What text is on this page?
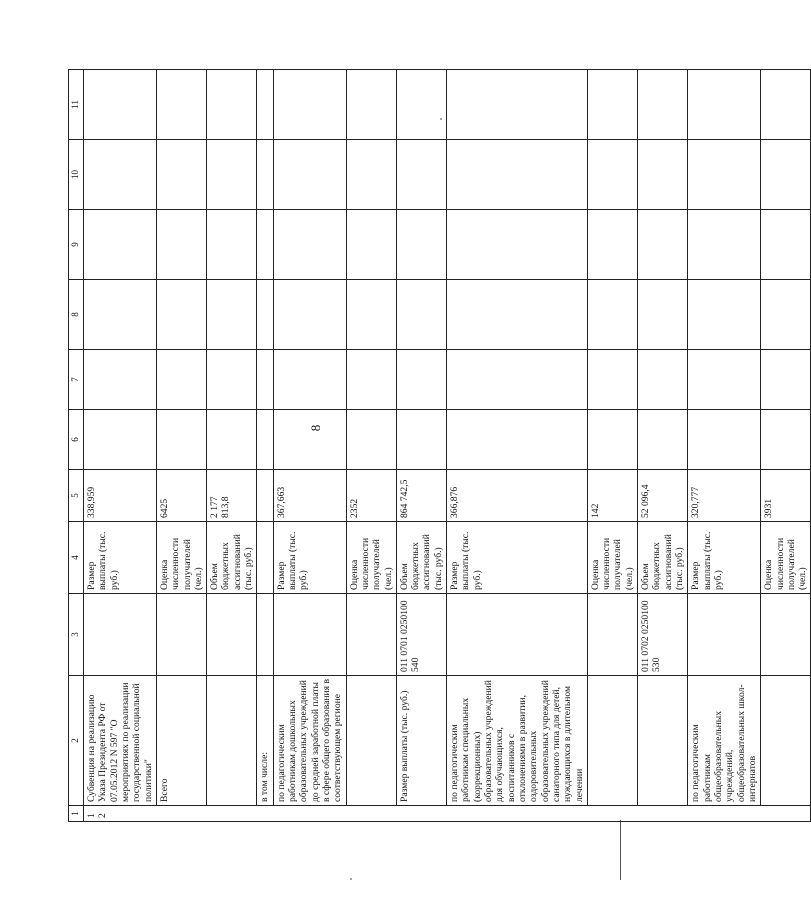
8
1	2	3	4	5	6	7	8	9	10	11
12	Субвенция на реализацию Указа Президента РФ от 07.05.2012 N 597 "О мероприятиях по реализации государственной социальной политики"		Размер выплаты (тыс. руб.)	338,959						
	Всего		Оценка численности получателей (чел.)	6425						
			Объем бюджетных ассигнований (тыс. руб.)	2 177 813,8						
	в том числе:									
	по педагогическим работникам дошкольных образовательных учреждений до средней заработной платы в сфере общего образования в соответствующем регионе		Размер выплаты (тыс. руб.)	367,663						
			Оценка численности получателей (чел.)	2352						
	Размер выплаты (тыс. руб.)	011 0701 0250100 540	Объем бюджетных ассигнований (тыс. руб.)	864 742,5						
	по педагогическим работникам специальных (коррекционных) образовательных учреждений для обучающихся, воспитанников с отклонениями в развитии, оздоровительных образовательных учреждений санаторного типа для детей, нуждающихся в длительном лечении		Размер выплаты (тыс. руб.)	366,876						
			Оценка численности получателей (чел.)	142						
		011 0702 0250100 530	Объем бюджетных ассигнований (тыс. руб.)	52 096,4						
	по педагогическим работникам общеобразовательных учреждений, общеобразовательных школ-интернатов		Размер выплаты (тыс. руб.)	320,777						
			Оценка численности получателей (чел.)	3931						
